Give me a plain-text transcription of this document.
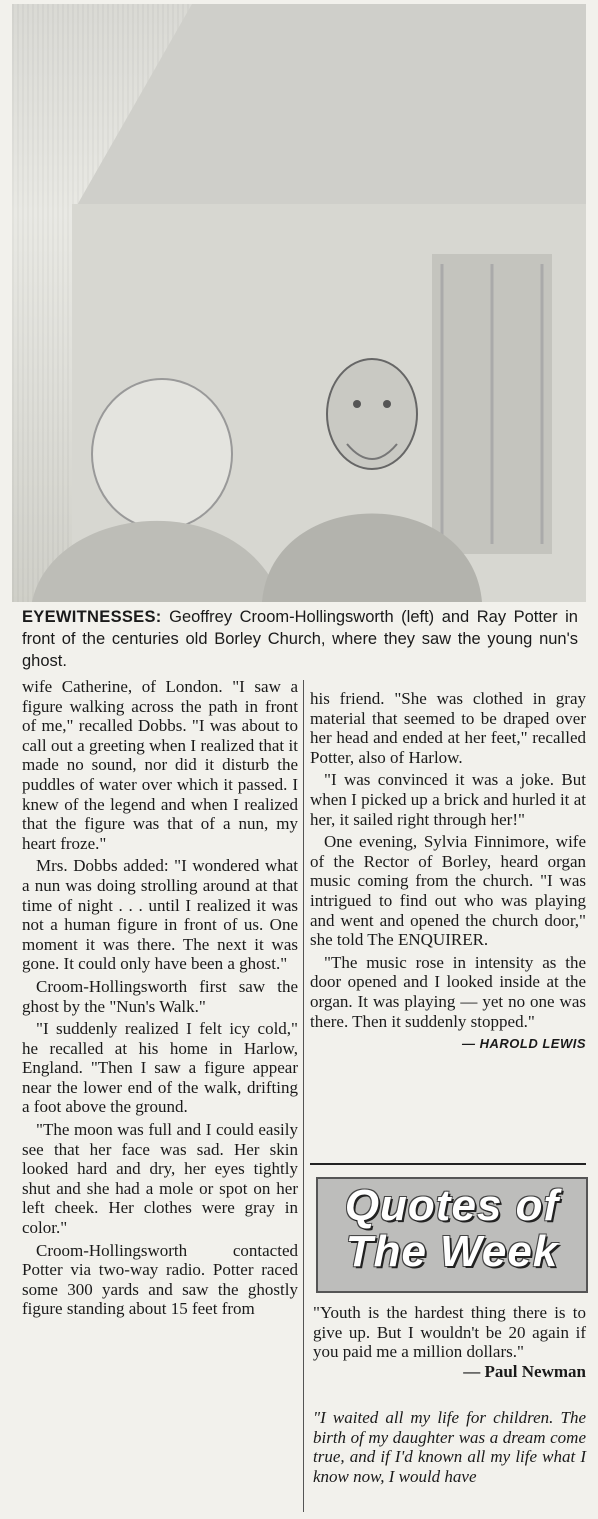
EYEWITNESSES: Geoffrey Croom-Hollingsworth (left) and Ray Potter in front of the centuries old Borley Church, where they saw the young nun's ghost.

wife Catherine, of London. "I saw a figure walking across the path in front of me," recalled Dobbs. "I was about to call out a greeting when I realized that it made no sound, nor did it disturb the puddles of water over which it passed. I knew of the legend and when I realized that the figure was that of a nun, my heart froze."

Mrs. Dobbs added: "I wondered what a nun was doing strolling around at that time of night . . . until I realized it was not a human figure in front of us. One moment it was there. The next it was gone. It could only have been a ghost."

Croom-Hollingsworth first saw the ghost by the "Nun's Walk."

"I suddenly realized I felt icy cold," he recalled at his home in Harlow, England. "Then I saw a figure appear near the lower end of the walk, drifting a foot above the ground.

"The moon was full and I could easily see that her face was sad. Her skin looked hard and dry, her eyes tightly shut and she had a mole or spot on her left cheek. Her clothes were gray in color."

Croom-Hollingsworth contacted Potter via two-way radio. Potter raced some 300 yards and saw the ghostly figure standing about 15 feet from

his friend. "She was clothed in gray material that seemed to be draped over her head and ended at her feet," recalled Potter, also of Harlow.

"I was convinced it was a joke. But when I picked up a brick and hurled it at her, it sailed right through her!"

One evening, Sylvia Finnimore, wife of the Rector of Borley, heard organ music coming from the church. "I was intrigued to find out who was playing and went and opened the church door," she told The ENQUIRER.

"The music rose in intensity as the door opened and I looked inside at the organ. It was playing — yet no one was there. Then it suddenly stopped."

— HAROLD LEWIS
Quotes of
The Week
"Youth is the hardest thing there is to give up. But I wouldn't be 20 again if you paid me a million dollars."
— Paul Newman
"I waited all my life for children. The birth of my daughter was a dream come true, and if I'd known all my life what I know now, I would have
